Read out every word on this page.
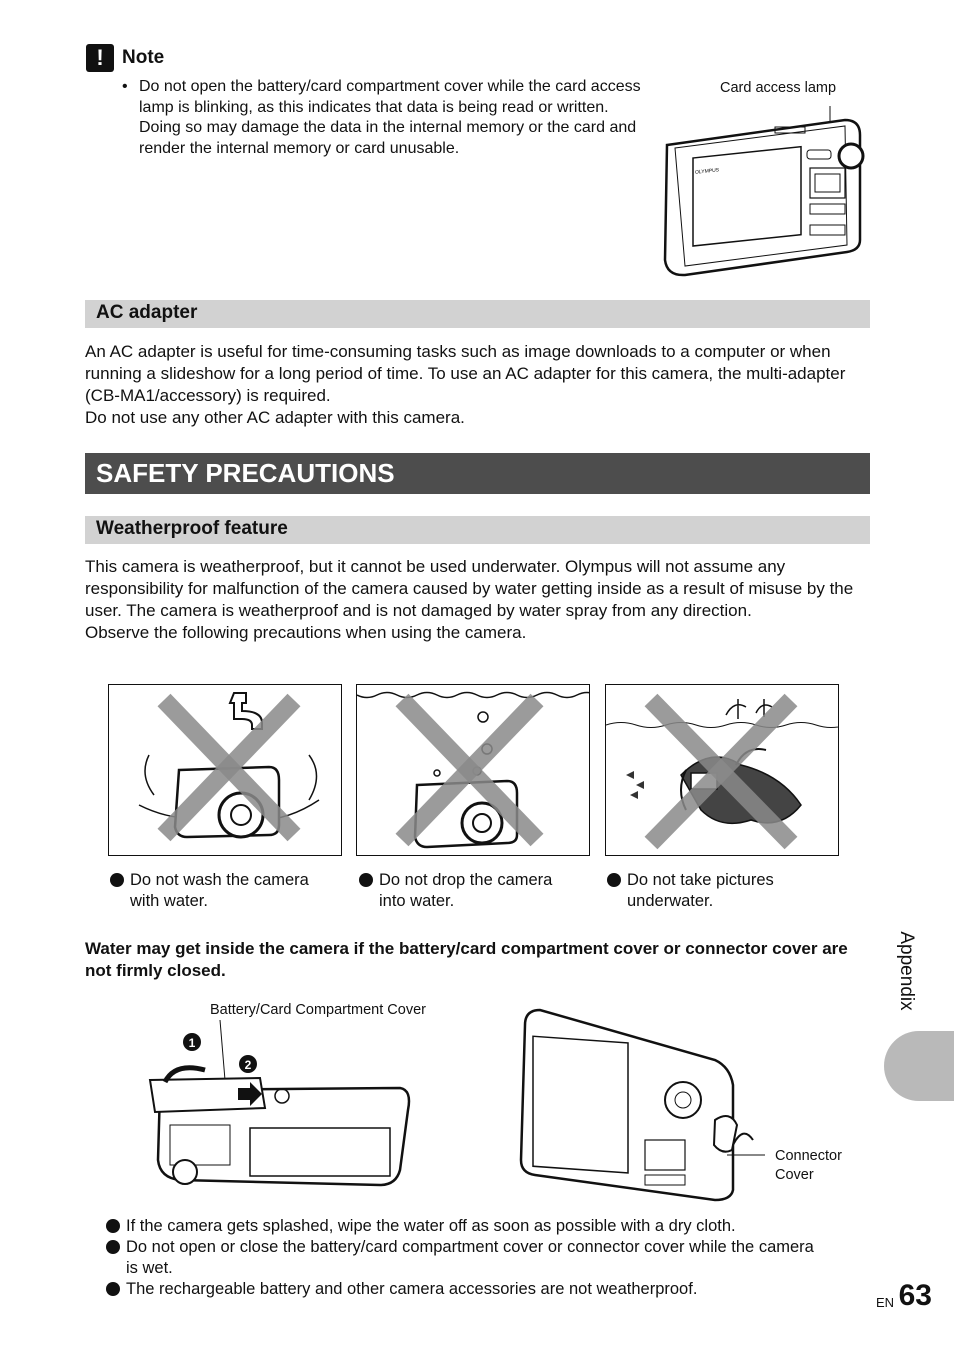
! Note
• Do not open the battery/card compartment cover while the card access lamp is blinking, as this indicates that data is being read or written. Doing so may damage the data in the internal memory or the card and render the internal memory or card unusable.
Card access lamp
OLYMPUS
AC adapter
An AC adapter is useful for time-consuming tasks such as image downloads to a computer or when running a slideshow for a long period of time. To use an AC adapter for this camera, the multi-adapter (CB-MA1/accessory) is required.
Do not use any other AC adapter with this camera.
SAFETY PRECAUTIONS
Weatherproof feature
This camera is weatherproof, but it cannot be used underwater. Olympus will not assume any responsibility for malfunction of the camera caused by water getting inside as a result of misuse by the user. The camera is weatherproof and is not damaged by water spray from any direction.
Observe the following precautions when using the camera.
Do not wash the camera
with water.
Do not drop the camera
into water.
Do not take pictures
underwater.
Water may get inside the camera if the battery/card compartment cover or connector cover are not firmly closed.
Battery/Card Compartment Cover
1
2
Connector
Cover
If the camera gets splashed, wipe the water off as soon as possible with a dry cloth.
Do not open or close the battery/card compartment cover or connector cover while the camera is wet.
The rechargeable battery and other camera accessories are not weatherproof.
Appendix
EN 63
